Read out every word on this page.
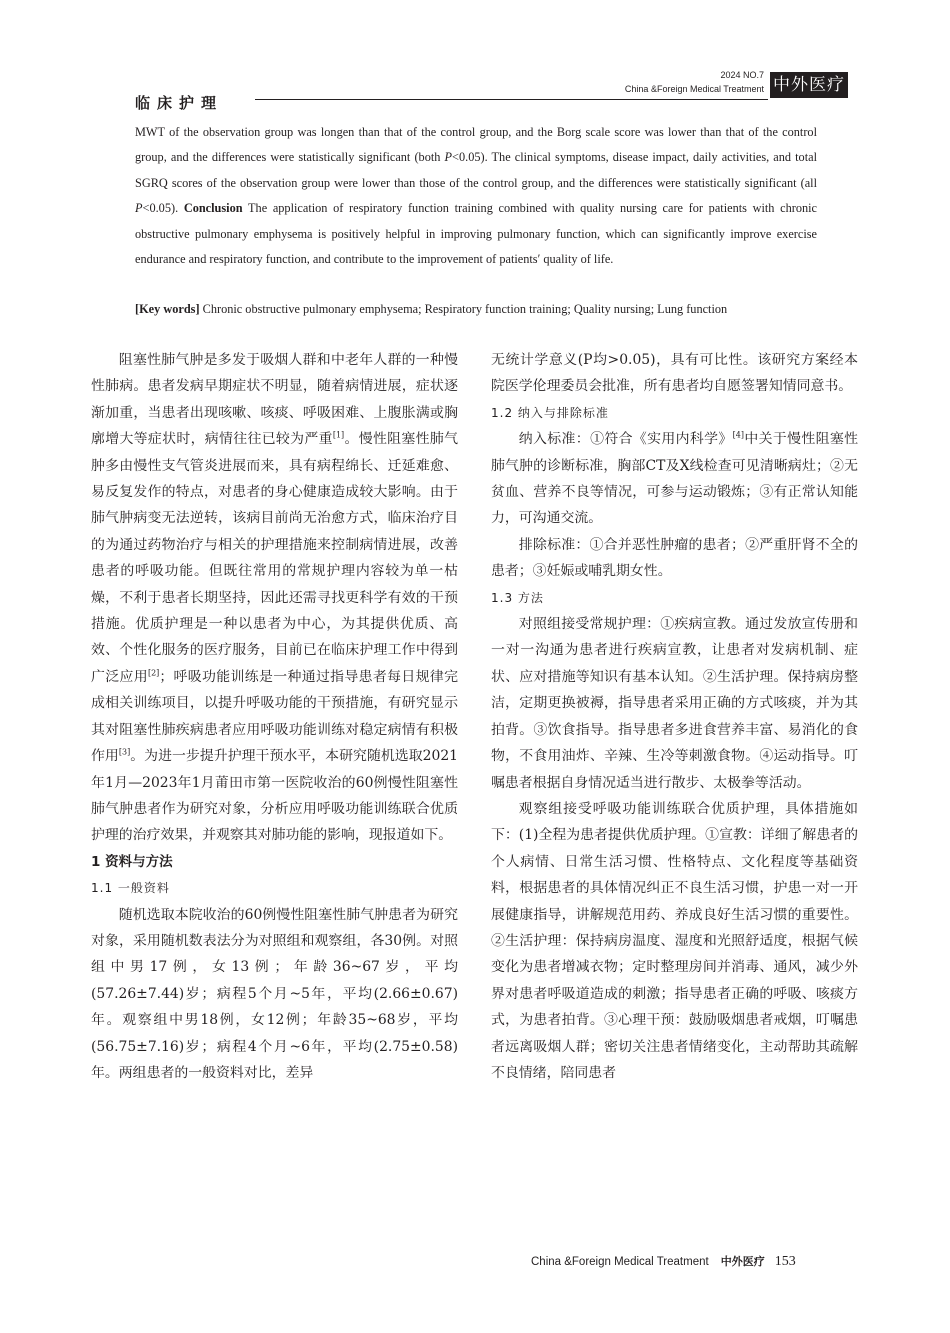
临床护理
2024 NO.7
China &Foreign Medical Treatment 中外医疗

MWT of the observation group was longen than that of the control group, and the Borg scale score was lower than that of the control group, and the differences were statistically significant (both P<0.05). The clinical symptoms, disease impact, daily activities, and total SGRQ scores of the observation group were lower than those of the control group, and the differences were statistically significant (all P<0.05). Conclusion The application of respiratory function training combined with quality nursing care for patients with chronic obstructive pulmonary emphysema is positively helpful in improving pulmonary function, which can significantly improve exercise endurance and respiratory function, and contribute to the improvement of patients′ quality of life.

[Key words] Chronic obstructive pulmonary emphysema; Respiratory function training; Quality nursing; Lung function

阻塞性肺气肿是多发于吸烟人群和中老年人群的一种慢性肺病。患者发病早期症状不明显，随着病情进展，症状逐渐加重，当患者出现咳嗽、咳痰、呼吸困难、上腹胀满或胸廓增大等症状时，病情往往已较为严重[1]。慢性阻塞性肺气肿多由慢性支气管炎进展而来，具有病程绵长、迁延难愈、易反复发作的特点，对患者的身心健康造成较大影响。由于肺气肿病变无法逆转，该病目前尚无治愈方式，临床治疗目的为通过药物治疗与相关的护理措施来控制病情进展，改善患者的呼吸功能。但既往常用的常规护理内容较为单一枯燥，不利于患者长期坚持，因此还需寻找更科学有效的干预措施。优质护理是一种以患者为中心，为其提供优质、高效、个性化服务的医疗服务，目前已在临床护理工作中得到广泛应用[2]；呼吸功能训练是一种通过指导患者每日规律完成相关训练项目，以提升呼吸功能的干预措施，有研究显示其对阻塞性肺疾病患者应用呼吸功能训练对稳定病情有积极作用[3]。为进一步提升护理干预水平，本研究随机选取2021年1月—2023年1月莆田市第一医院收治的60例慢性阻塞性肺气肿患者作为研究对象，分析应用呼吸功能训练联合优质护理的治疗效果，并观察其对肺功能的影响，现报道如下。

1 资料与方法
1.1 一般资料

随机选取本院收治的60例慢性阻塞性肺气肿患者为研究对象，采用随机数表法分为对照组和观察组，各30例。对照组中男17例，女13例；年龄36~67岁，平均(57.26±7.44)岁；病程5个月~5年，平均(2.66±0.67)年。观察组中男18例，女12例；年龄35~68岁，平均(56.75±7.16)岁；病程4个月~6年，平均(2.75±0.58)年。两组患者的一般资料对比，差异

无统计学意义(P均>0.05)，具有可比性。该研究方案经本院医学伦理委员会批准，所有患者均自愿签署知情同意书。

1.2 纳入与排除标准

纳入标准：①符合《实用内科学》[4]中关于慢性阻塞性肺气肿的诊断标准，胸部CT及X线检查可见清晰病灶；②无贫血、营养不良等情况，可参与运动锻炼；③有正常认知能力，可沟通交流。

排除标准：①合并恶性肿瘤的患者；②严重肝肾不全的患者；③妊娠或哺乳期女性。

1.3 方法

对照组接受常规护理：①疾病宣教。通过发放宣传册和一对一沟通为患者进行疾病宣教，让患者对发病机制、症状、应对措施等知识有基本认知。②生活护理。保持病房整洁，定期更换被褥，指导患者采用正确的方式咳痰，并为其拍背。③饮食指导。指导患者多进食营养丰富、易消化的食物，不食用油炸、辛辣、生冷等刺激食物。④运动指导。叮嘱患者根据自身情况适当进行散步、太极拳等活动。

观察组接受呼吸功能训练联合优质护理，具体措施如下：(1)全程为患者提供优质护理。①宣教：详细了解患者的个人病情、日常生活习惯、性格特点、文化程度等基础资料，根据患者的具体情况纠正不良生活习惯，护患一对一开展健康指导，讲解规范用药、养成良好生活习惯的重要性。②生活护理：保持病房温度、湿度和光照舒适度，根据气候变化为患者增减衣物；定时整理房间并消毒、通风，减少外界对患者呼吸道造成的刺激；指导患者正确的呼吸、咳痰方式，为患者拍背。③心理干预：鼓励吸烟患者戒烟，叮嘱患者远离吸烟人群；密切关注患者情绪变化，主动帮助其疏解不良情绪，陪同患者

China &Foreign Medical Treatment 中外医疗 153
